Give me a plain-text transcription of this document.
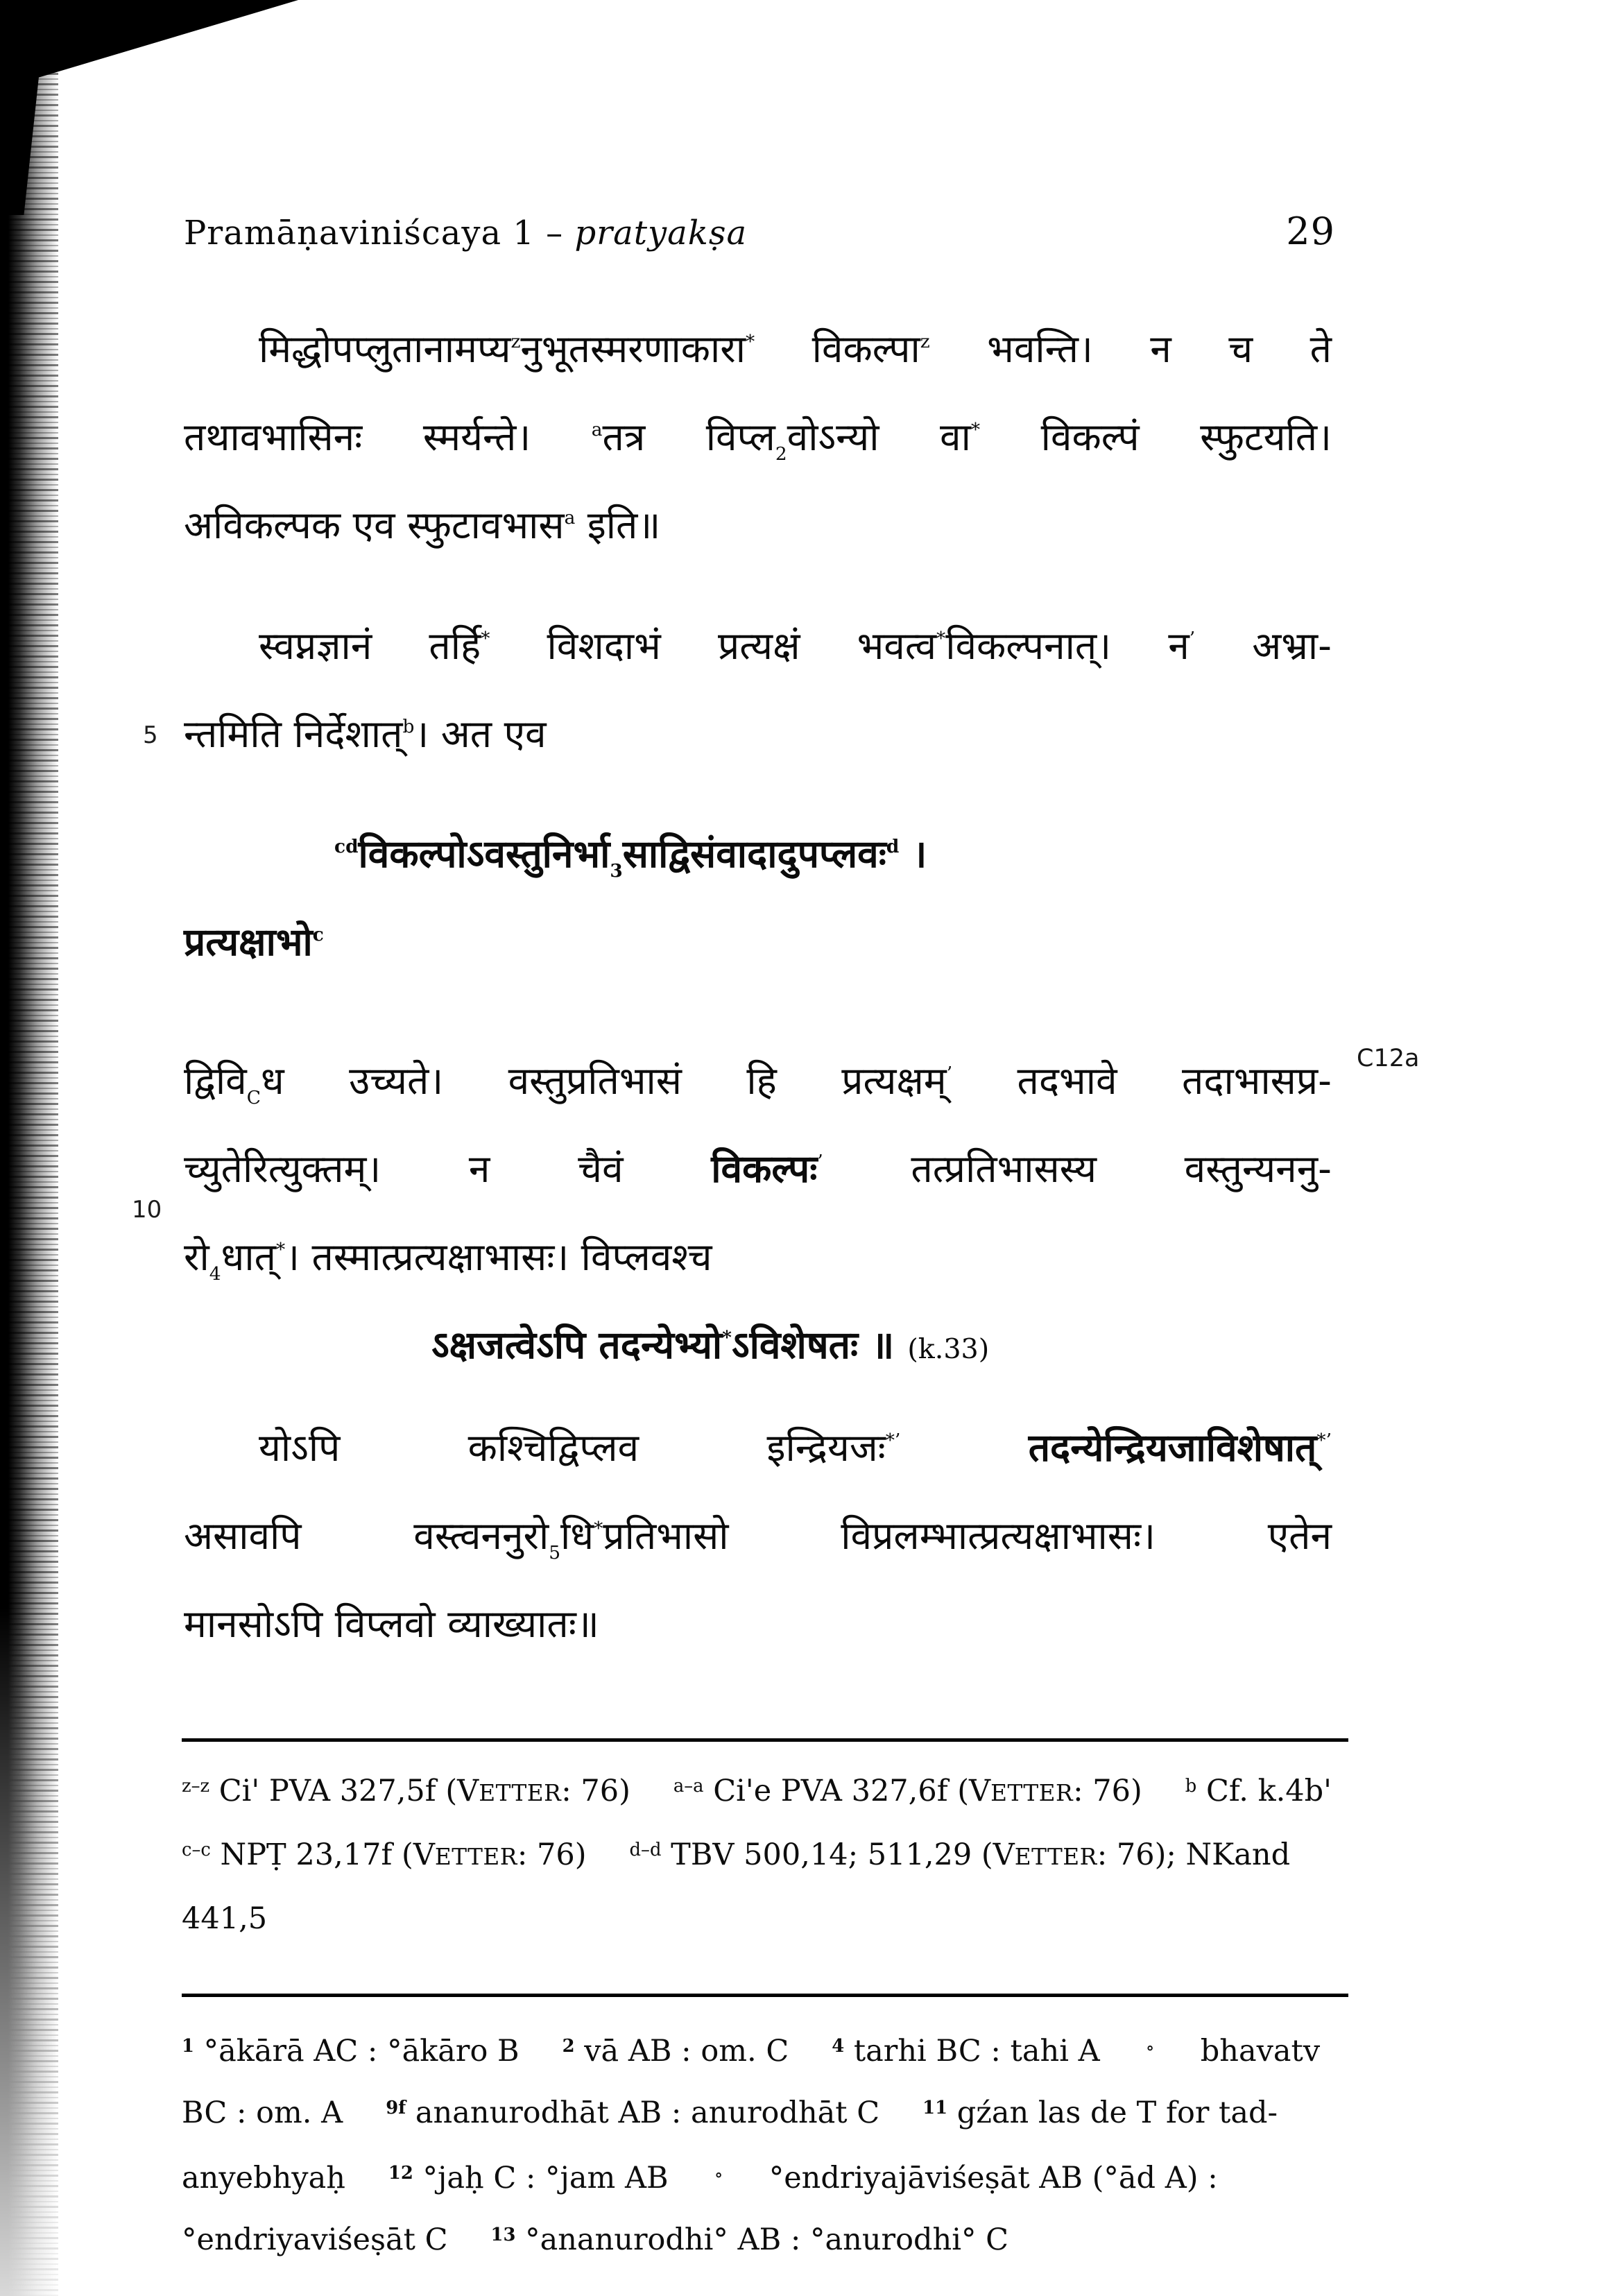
Pramāṇaviniścaya 1 – pratyakṣa	29
5
10
C12a
मिद्धोपप्लुतानामप्य$^z$नुभूतस्मरणाकारा* विकल्पा$^z$ भवन्ति। न च ते
तथावभासिनः स्मर्यन्ते। $^a$तत्र विप्ल$_2$वोऽन्यो वा* विकल्पं स्फुटयति।
अविकल्पक एव स्फुटावभास$^a$ इति॥
स्वप्नज्ञानं तर्हि* विशदाभं प्रत्यक्षं भवत्व*विकल्पनात्। न’ अभ्रा-
न्तमिति निर्देशात्$^b$। अत एव
$^{cd}विकल्पोऽवस्तुनिर्भा_3साद्विसंवादादुपप्लवः^d$ ।
प्रत्यक्षाभो$^c$
$द्विवि_Cध$ उच्यते। वस्तुप्रतिभासं हि प्रत्यक्षम्’ तदभावे तदाभासप्र-
च्युतेरित्युक्तम्। न चैवं विकल्पः’ तत्प्रतिभासस्य वस्तुन्यननु-
$रो_4धात्^*।$ तस्मात्प्रत्यक्षाभासः। विप्लवश्च
ऽक्षजत्वेऽपि तदन्येभ्यो*ऽविशेषतः ॥ (k.33)
योऽपि कश्चिद्विप्लव इन्द्रियजः*’	तदन्येन्द्रियजाविशेषात्*’
असावपि $वस्त्वननुरो_5धि^*प्रतिभासो$ विप्रलम्भात्प्रत्यक्षाभासः। एतेन
मानसोऽपि विप्लवो व्याख्यातः॥
$^{z-z}$ Ci' PVA 327,5f (VETTER: 76) $^{a-a}$ Ci'e PVA 327,6f (VETTER: 76) $^b$ Cf. k.4b'
$^{c-c}$ NPṬ 23,17f (VETTER: 76) $^{d-d}$ TBV 500,14; 511,29 (VETTER: 76); NKand
441,5
$^1$ °ākārā AC : °ākāro B $^2$ vā AB : om. C $^4$ tarhi BC : tahi A ∘ bhavatv
BC : om. A $^{9f}$ ananurodhāt AB : anurodhāt C $^{11}$ gźan las de T for tad-
anyebhyaḥ $^{12}$ °jaḥ C : °jam AB ∘ °endriyajāviśeṣāt AB (°ād A) :
°endriyaviśeṣāt C $^{13}$ °ananurodhi° AB : °anurodhi° C
